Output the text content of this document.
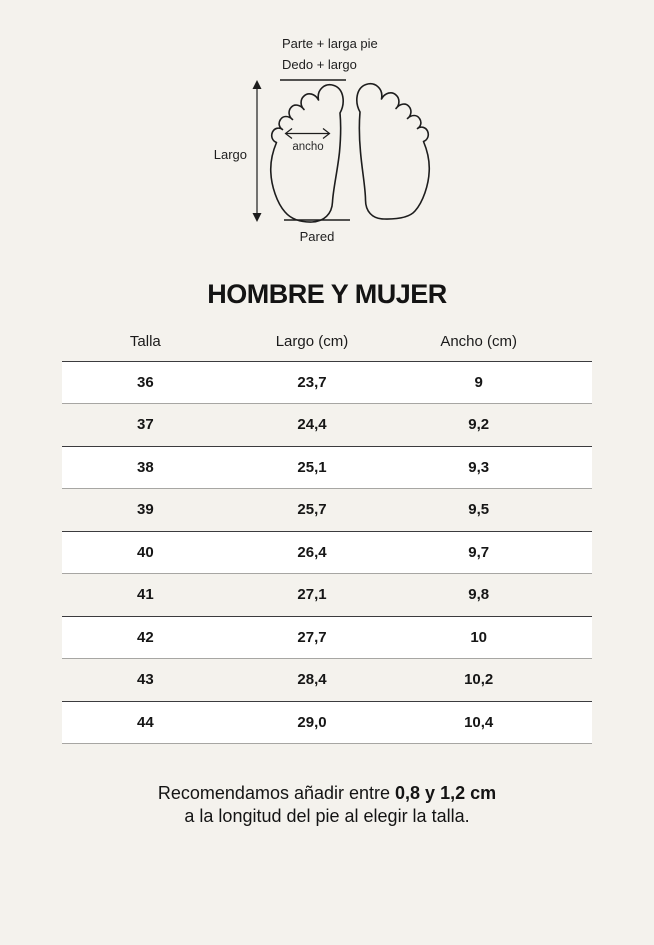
Parte + larga pie
Dedo + largo
Largo	ancho
Pared
HOMBRE Y MUJER
Talla	Largo (cm)	Ancho (cm)
36	23,7	9
37	24,4	9,2
38	25,1	9,3
39	25,7	9,5
40	26,4	9,7
41	27,1	9,8
42	27,7	10
43	28,4	10,2
44	29,0	10,4

Recomendamos añadir entre 0,8 y 1,2 cm
a la longitud del pie al elegir la talla.
